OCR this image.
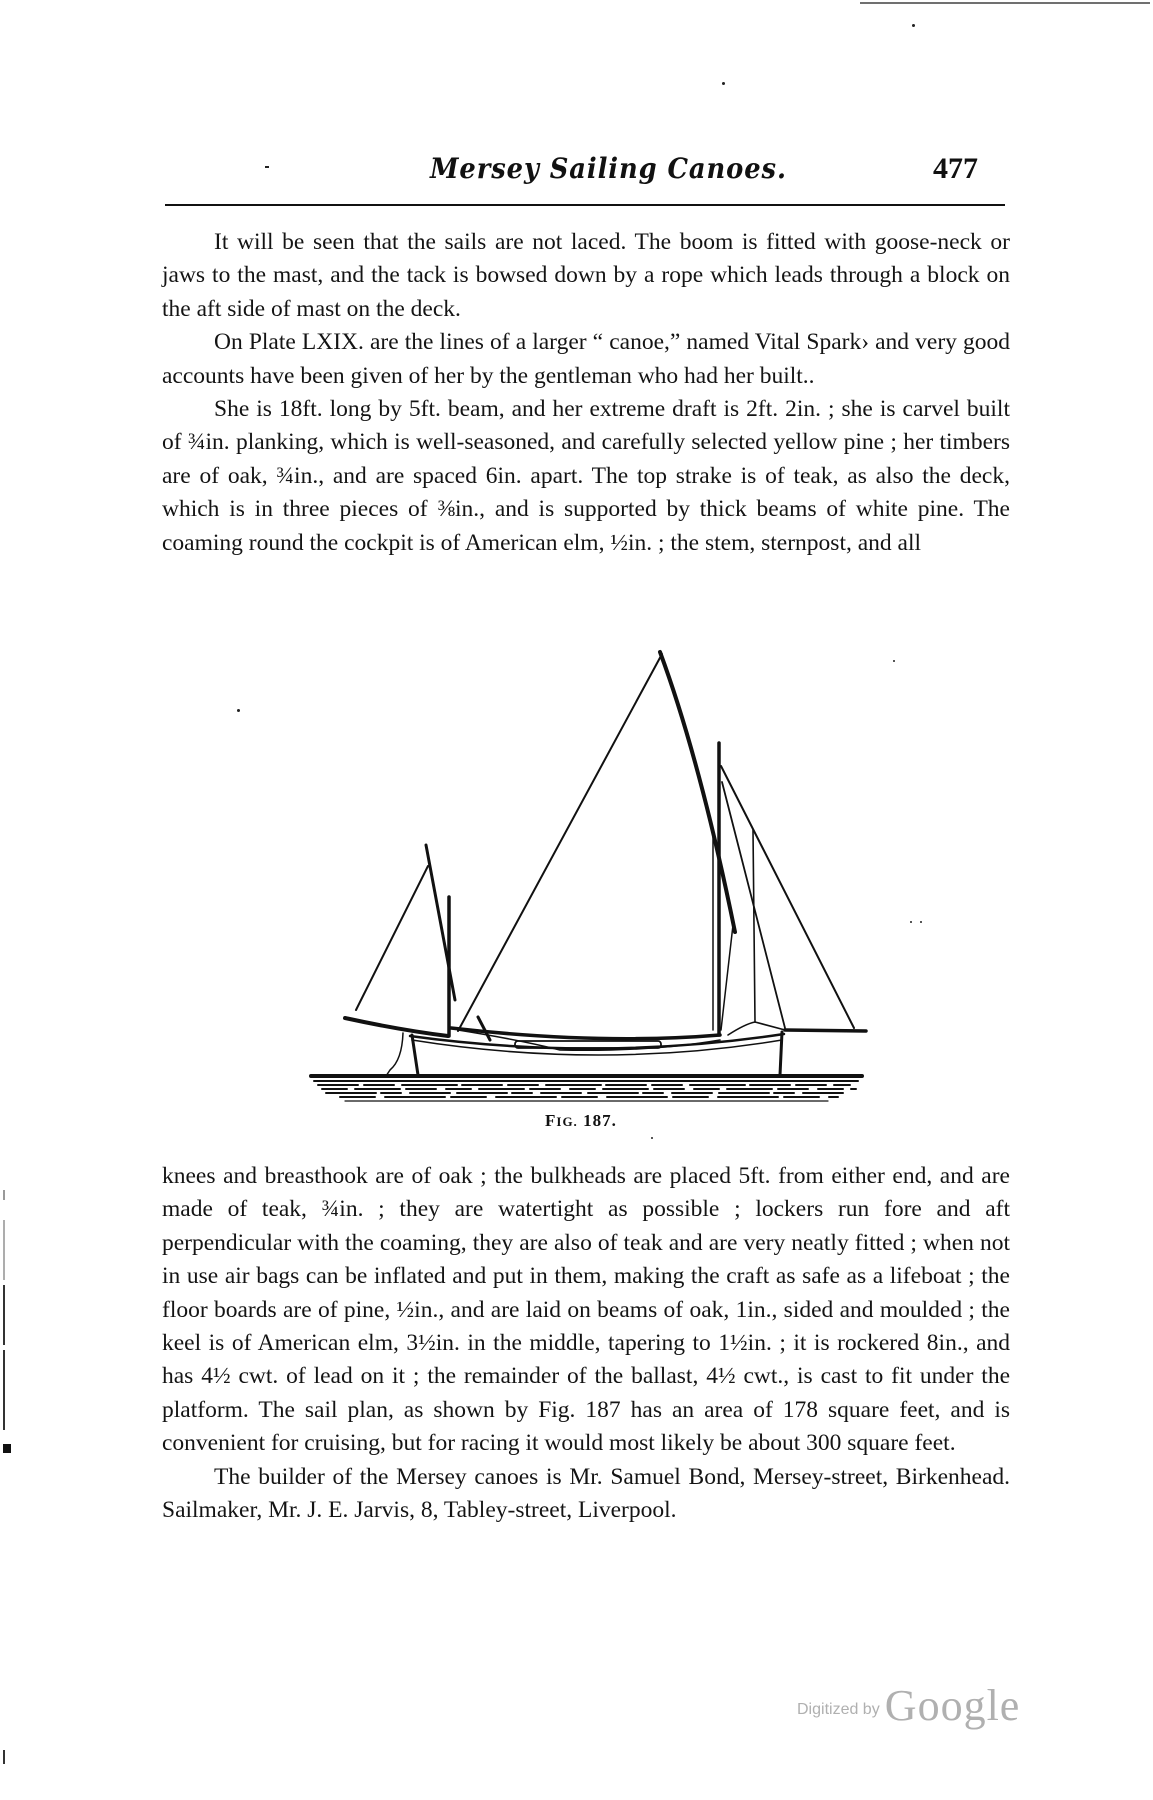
Mersey Sailing Canoes.	477

It will be seen that the sails are not laced. The boom is fitted with goose-neck or jaws to the mast, and the tack is bowsed down by a rope which leads through a block on the aft side of mast on the deck.

On Plate LXIX. are the lines of a larger “ canoe,” named Vital Spark› and very good accounts have been given of her by the gentleman who had her built..

She is 18ft. long by 5ft. beam, and her extreme draft is 2ft. 2in. ; she is carvel built of ¾in. planking, which is well-seasoned, and carefully selected yellow pine ; her timbers are of oak, ¾in., and are spaced 6in. apart. The top strake is of teak, as also the deck, which is in three pieces of ⅜in., and is supported by thick beams of white pine. The coaming round the cockpit is of American elm, ½in. ; the stem, sternpost, and all

FIG. 187.

knees and breasthook are of oak ; the bulkheads are placed 5ft. from either end, and are made of teak, ¾in. ; they are watertight as possible ; lockers run fore and aft perpendicular with the coaming, they are also of teak and are very neatly fitted ; when not in use air bags can be inflated and put in them, making the craft as safe as a lifeboat ; the floor boards are of pine, ½in., and are laid on beams of oak, 1in., sided and moulded ; the keel is of American elm, 3½in. in the middle, tapering to 1½in. ; it is rockered 8in., and has 4½ cwt. of lead on it ; the remainder of the ballast, 4½ cwt., is cast to fit under the platform. The sail plan, as shown by Fig. 187 has an area of 178 square feet, and is convenient for cruising, but for racing it would most likely be about 300 square feet.

The builder of the Mersey canoes is Mr. Samuel Bond, Mersey-street, Birkenhead. Sailmaker, Mr. J. E. Jarvis, 8, Tabley-street, Liverpool.

Digitized by Google
